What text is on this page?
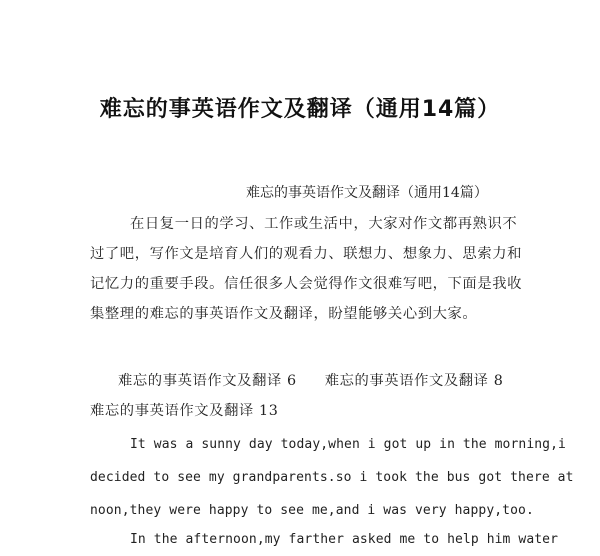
难忘的事英语作文及翻译（通用14篇）
难忘的事英语作文及翻译（通用14篇）
在日复一日的学习、工作或生活中，大家对作文都再熟识不
过了吧，写作文是培育人们的观看力、联想力、想象力、思索力和
记忆力的重要手段。信任很多人会觉得作文很难写吧，下面是我收
集整理的难忘的事英语作文及翻译，盼望能够关心到大家。
难忘的事英语作文及翻译 6 难忘的事英语作文及翻译 8
难忘的事英语作文及翻译 13
It was a sunny day today,when i got up in the morning,i
decided to see my grandparents.so i took the bus got there at
noon,they were happy to see me,and i was very happy,too.
In the afternoon,my farther asked me to help him water
